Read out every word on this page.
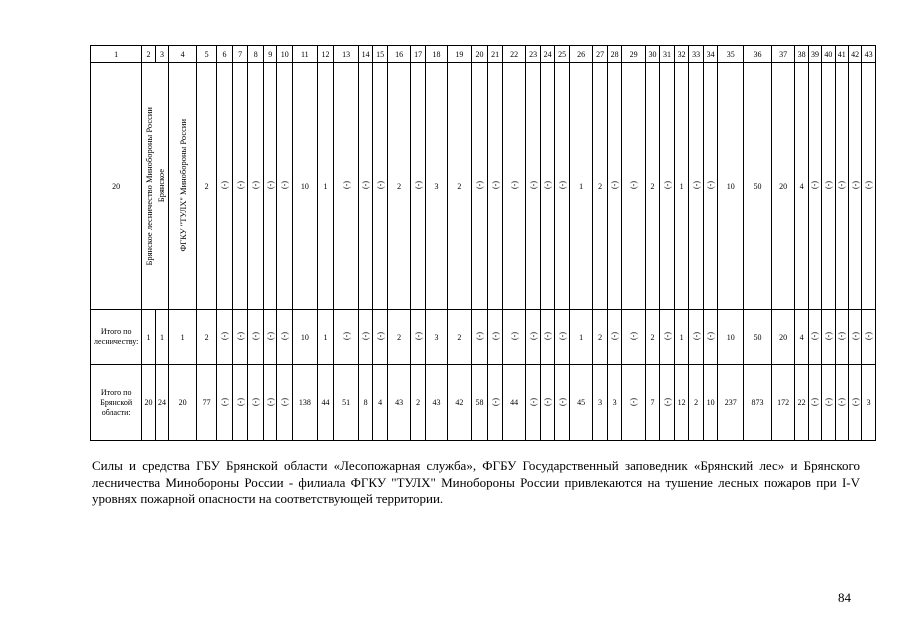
1	2	3	4	5	6	7	8	9	10	11	12	13	14	15	16	17	18	19	20	21	22	23	24	25	26	27	28	29	30	31	32	33	34	35	36	37	38	39	40	41	42	43
20	Брянское лесничество Минобороны России Брянское		ФГКУ "ТУЛХ" Минобороны России	2	(-)	(-)	(-)	(-)	(-)	10	1	(-)	(-)	(-)	2	(-)	3	2	(-)	(-)	(-)	(-)	(-)	(-)	1	2	(-)	(-)	2	(-)	1	(-)	(-)	10	50	20	4	(-)	(-)	(-)	(-)	(-)
Итого по лесничеству:	1	1	1	2	(-)	(-)	(-)	(-)	(-)	10	1	(-)	(-)	(-)	2	(-)	3	2	(-)	(-)	(-)	(-)	(-)	(-)	1	2	(-)	(-)	2	(-)	1	(-)	(-)	10	50	20	4	(-)	(-)	(-)	(-)	(-)
Итого по Брянской области:	20	24	20	77	(-)	(-)	(-)	(-)	(-)	138	44	51	8	4	43	2	43	42	58	(-)	44	(-)	(-)	(-)	45	3	3	(-)	7	(-)	12	2	10	237	873	172	22	(-)	(-)	(-)	(-)	3

Силы и средства ГБУ Брянской области «Лесопожарная служба», ФГБУ Государственный заповедник «Брянский лес» и Брянского лесничества Минобороны России - филиала ФГКУ "ТУЛХ" Минобороны России привлекаются на тушение лесных пожаров при I-V уровнях пожарной опасности на соответствующей территории.

84
